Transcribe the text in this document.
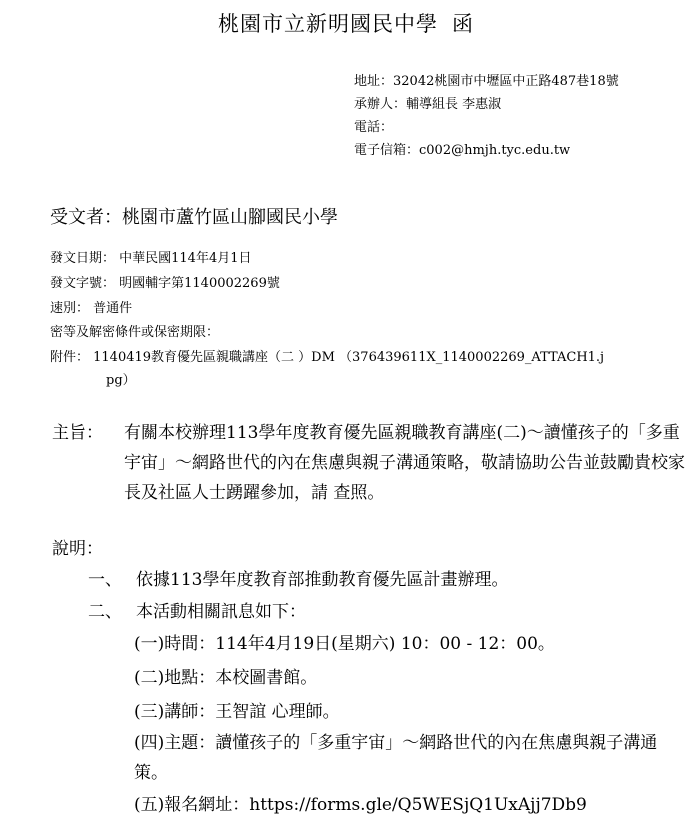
桃園市立新明國民中學 函
地址：32042桃園市中壢區中正路487巷18號
承辦人：輔導組長 李惠淑
電話：
電子信箱：c002@hmjh.tyc.edu.tw
受文者：桃園市蘆竹區山腳國民小學
發文日期： 中華民國114年4月1日
發文字號： 明國輔字第1140002269號
速別： 普通件
密等及解密條件或保密期限：
附件： 1140419教育優先區親職講座（二 ）DM （376439611X_1140002269_ATTACH1.j
pg）
主旨： 有關本校辦理113學年度教育優先區親職教育講座(二)～讀懂孩子的「多重宇宙」～網路世代的內在焦慮與親子溝通策略，敬請協助公告並鼓勵貴校家長及社區人士踴躍參加，請 查照。
說明：
一、 依據113學年度教育部推動教育優先區計畫辦理。
二、 本活動相關訊息如下：
(一)時間：114年4月19日(星期六) 10：00 - 12：00。
(二)地點：本校圖書館。
(三)講師：王智誼 心理師。
(四)主題：讀懂孩子的「多重宇宙」～網路世代的內在焦慮與親子溝通策。
(五)報名網址：https://forms.gle/Q5WESjQ1UxAjj7Db9
